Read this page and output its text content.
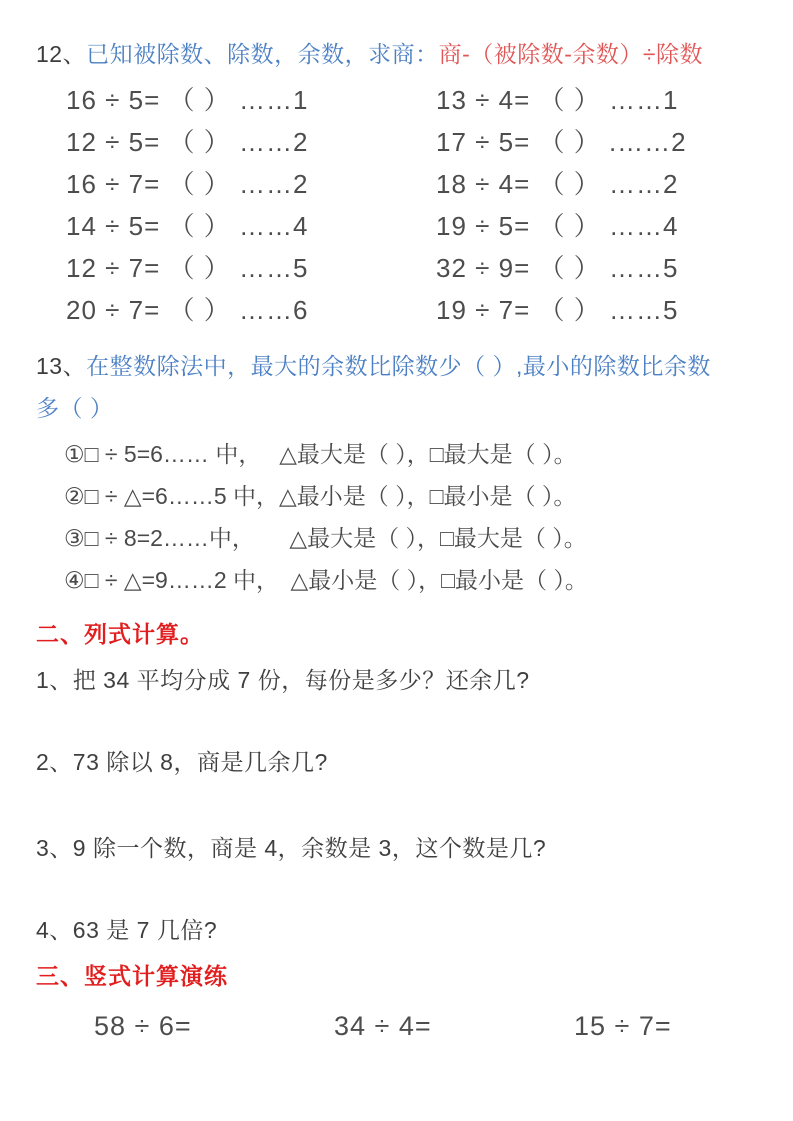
12、已知被除数、除数，余数，求商：商-（被除数-余数）÷除数
16 ÷ 5= （ ） ……1	13 ÷ 4= （ ） ……1
12 ÷ 5= （ ） ……2	17 ÷ 5= （ ） .……2
16 ÷ 7= （ ） ……2	18 ÷ 4= （ ） ……2
14 ÷ 5= （ ） ……4	19 ÷ 5= （ ） ……4
12 ÷ 7= （ ） ……5	32 ÷ 9= （ ） ……5
20 ÷ 7= （ ） ……6	19 ÷ 7= （ ） ……5
13、在整数除法中，最大的余数比除数少（ ）,最小的除数比余数
多（ ）
①□ ÷ 5=6…… 中，　 △最大是（ ），□最大是（ ）。
②□ ÷ △=6……5 中，△最小是（ ），□最小是（ ）。
③□ ÷ 8=2……中，　　△最大是（ ），□最大是（ ）。
④□ ÷ △=9……2 中，　△最小是（ ），□最小是（ ）。
二、列式计算。
1、把 34 平均分成 7 份，每份是多少？还余几?
2、73 除以 8，商是几余几?
3、9 除一个数，商是 4，余数是 3，这个数是几?
4、63 是 7 几倍?
三、竖式计算演练
58 ÷ 6=	34 ÷ 4=	15 ÷ 7=
